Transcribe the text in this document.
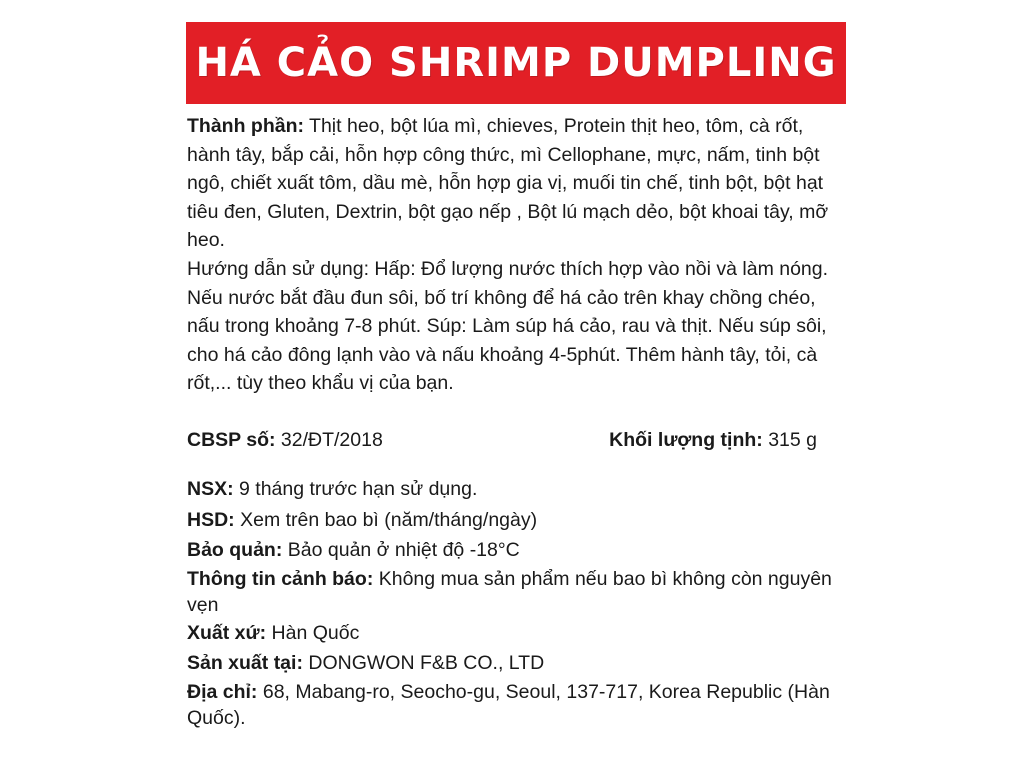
HÁ CẢO SHRIMP DUMPLING

Thành phần: Thịt heo, bột lúa mì, chieves, Protein thịt heo, tôm, cà rốt, hành tây, bắp cải, hỗn hợp công thức, mì Cellophane, mực, nấm, tinh bột ngô, chiết xuất tôm, dầu mè, hỗn hợp gia vị, muối tin chế, tinh bột, bột hạt tiêu đen, Gluten, Dextrin, bột gạo nếp , Bột lú mạch dẻo, bột khoai tây, mỡ heo.

Hướng dẫn sử dụng: Hấp: Đổ lượng nước thích hợp vào nồi và làm nóng. Nếu nước bắt đầu đun sôi, bố trí không để há cảo trên khay chồng chéo, nấu trong khoảng 7-8 phút. Súp: Làm súp há cảo, rau và thịt. Nếu súp sôi, cho há cảo đông lạnh vào và nấu khoảng 4-5phút. Thêm hành tây, tỏi, cà rốt,... tùy theo khẩu vị của bạn.

CBSP số: 32/ĐT/2018	Khối lượng tịnh: 315 g

NSX: 9 tháng trước hạn sử dụng.

HSD: Xem trên bao bì (năm/tháng/ngày)

Bảo quản: Bảo quản ở nhiệt độ -18°C

Thông tin cảnh báo: Không mua sản phẩm nếu bao bì không còn nguyên vẹn

Xuất xứ: Hàn Quốc

Sản xuất tại: DONGWON F&B CO., LTD

Địa chỉ: 68, Mabang-ro, Seocho-gu, Seoul, 137-717, Korea Republic (Hàn Quốc).
